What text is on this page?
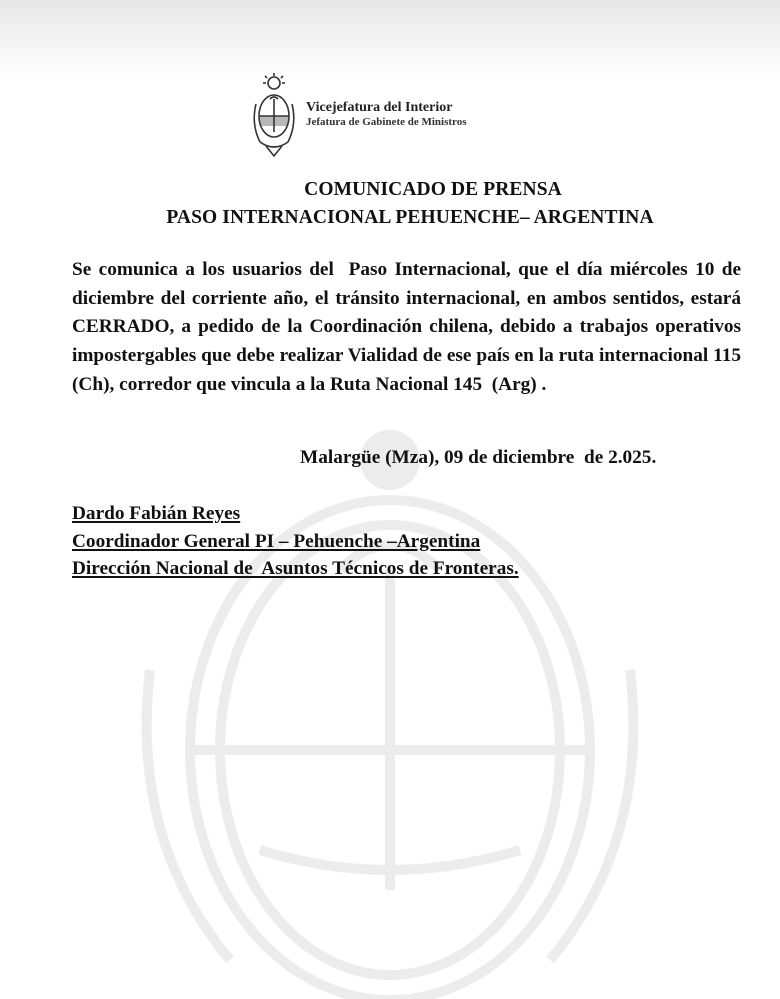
Vicejefatura del Interior
Jefatura de Gabinete de Ministros
COMUNICADO DE PRENSA
PASO INTERNACIONAL PEHUENCHE– ARGENTINA
Se comunica a los usuarios del  Paso Internacional, que el día miércoles 10 de diciembre del corriente año, el tránsito internacional, en ambos sentidos, estará CERRADO, a pedido de la Coordinación chilena, debido a trabajos operativos impostergables que debe realizar Vialidad de ese país en la ruta internacional 115 (Ch), corredor que vincula a la Ruta Nacional 145  (Arg) .
Malargüe (Mza), 09 de diciembre  de 2.025.
Dardo Fabián Reyes
Coordinador General PI – Pehuenche –Argentina
Dirección Nacional de  Asuntos Técnicos de Fronteras.
